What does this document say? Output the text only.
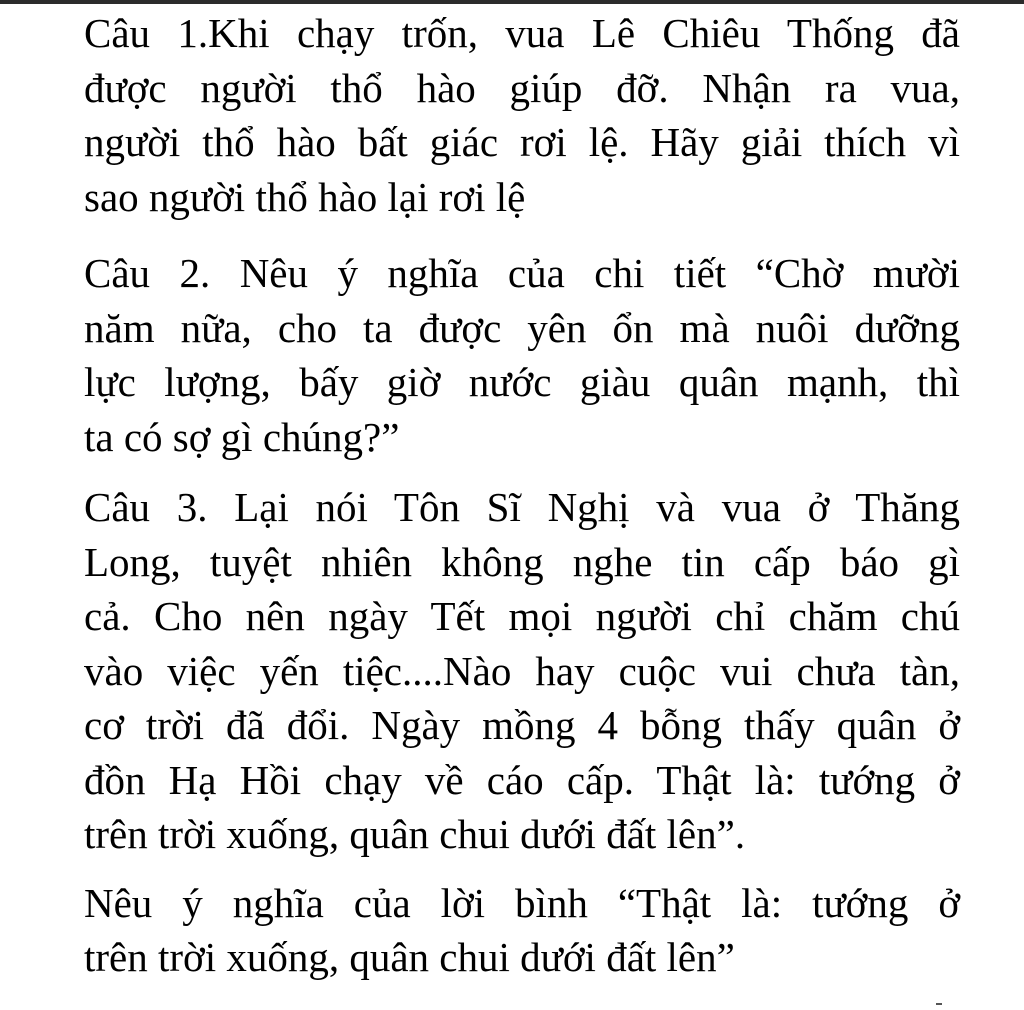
Câu 1.Khi chạy trốn, vua Lê Chiêu Thống đã
được người thổ hào giúp đỡ. Nhận ra vua,
người thổ hào bất giác rơi lệ. Hãy giải thích vì
sao người thổ hào lại rơi lệ
Câu 2. Nêu ý nghĩa của chi tiết “Chờ mười
năm nữa, cho ta được yên ổn mà nuôi dưỡng
lực lượng, bấy giờ nước giàu quân mạnh, thì
ta có sợ gì chúng?”
Câu 3. Lại nói Tôn Sĩ Nghị và vua ở Thăng
Long, tuyệt nhiên không nghe tin cấp báo gì
cả. Cho nên ngày Tết mọi người chỉ chăm chú
vào việc yến tiệc....Nào hay cuộc vui chưa tàn,
cơ trời đã đổi. Ngày mồng 4 bỗng thấy quân ở
đồn Hạ Hồi chạy về cáo cấp. Thật là: tướng ở
trên trời xuống, quân chui dưới đất lên”.
Nêu ý nghĩa của lời bình “Thật là: tướng ở
trên trời xuống, quân chui dưới đất lên”
